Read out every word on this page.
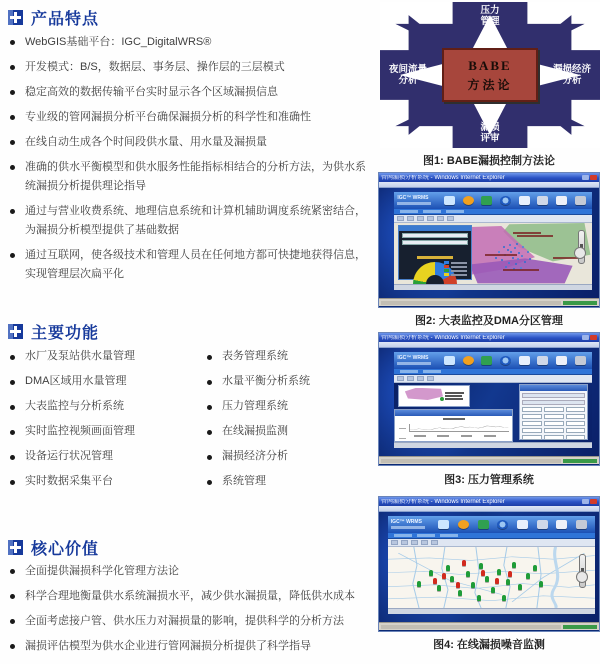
产品特点
WebGIS基础平台：IGC_DigitalWRS®
开发模式：B/S，数据层、事务层、操作层的三层模式
稳定高效的数据传输平台实时显示各个区域漏损信息
专业级的管网漏损分析平台确保漏损分析的科学性和准确性
在线自动生成各个时间段供水量、用水量及漏损量
准确的供水平衡模型和供水服务性能指标相结合的分析方法，为供水系统漏损分析提供理论指导
通过与营业收费系统、地理信息系统和计算机辅助调度系统紧密结合，为漏损分析模型提供了基础数据
通过互联网，使各级技术和管理人员在任何地方都可快捷地获得信息，实现管理层次扁平化
主要功能
水厂及泵站供水量管理
DMA区域用水量管理
大表监控与分析系统
实时监控视频画面管理
设备运行状况管理
实时数据采集平台
表务管理系统
水量平衡分析系统
压力管理系统
在线漏损监测
漏损经济分析
系统管理
核心价值
全面提供漏损科学化管理方法论
科学合理地衡量供水系统漏损水平，减少供水漏损量，降低供水成本
全面考虑接户管、供水压力对漏损量的影响，提供科学的分析方法
漏损评估模型为供水企业进行管网漏损分析提供了科学指导
压力
管理
夜间流量
分析
漏损经济
分析
漏损
评审
BABE
方法论
图1: BABE漏损控制方法论
管网漏损分析系统 - Windows Internet Explorer
IGC™ WRMS
图2: 大表监控及DMA分区管理
管网漏损分析系统 - Windows Internet Explorer
IGC™ WRMS
图3: 压力管理系统
管网漏损分析系统 - Windows Internet Explorer
IGC™ WRMS
图4: 在线漏损噪音监测
